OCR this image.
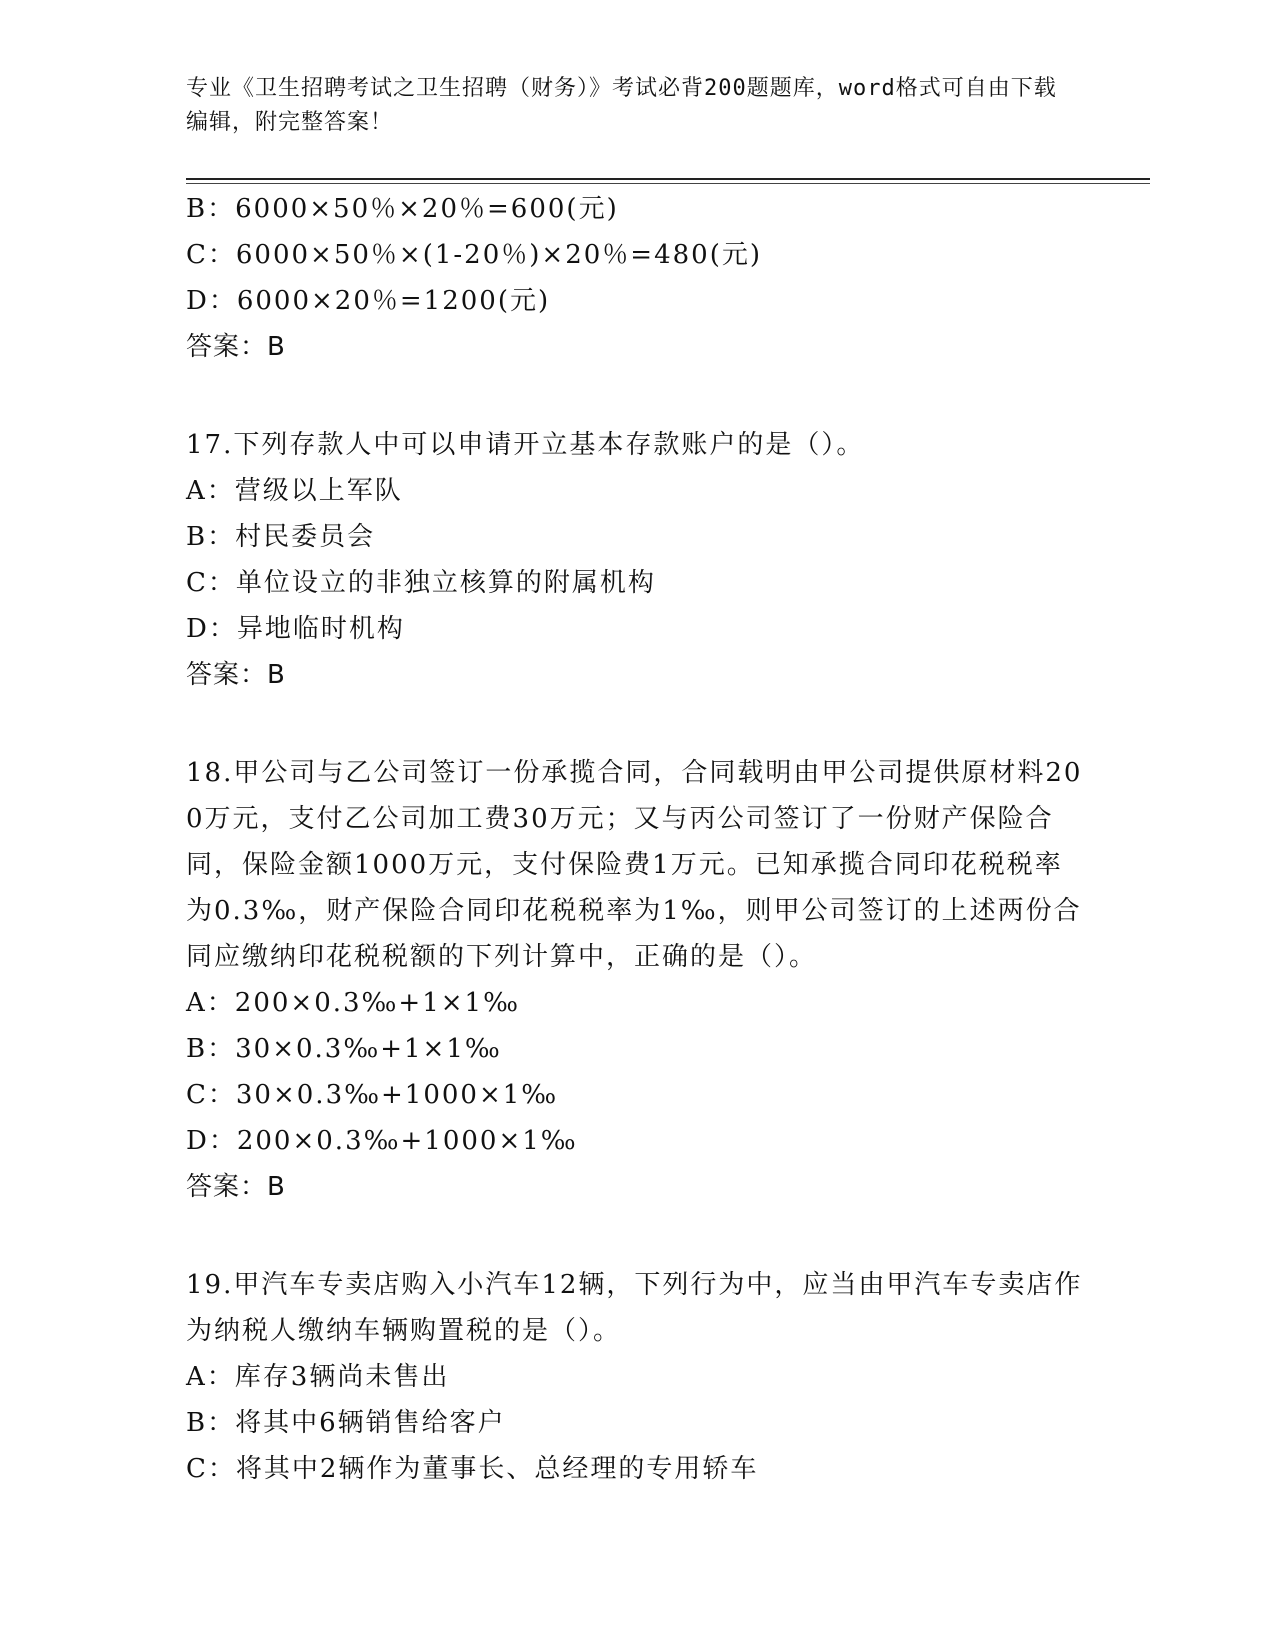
专业《卫生招聘考试之卫生招聘（财务）》考试必背200题题库，word格式可自由下载编辑，附完整答案！
B：6000×50％×20％=600(元)
C：6000×50％×(1-20％)×20％=480(元)
D：6000×20％=1200(元)
答案：B
17.下列存款人中可以申请开立基本存款账户的是（）。
A：营级以上军队
B：村民委员会
C：单位设立的非独立核算的附属机构
D：异地临时机构
答案：B
18.甲公司与乙公司签订一份承揽合同，合同载明由甲公司提供原材料200万元，支付乙公司加工费30万元；又与丙公司签订了一份财产保险合同，保险金额1000万元，支付保险费1万元。已知承揽合同印花税税率为0.3‰，财产保险合同印花税税率为1‰，则甲公司签订的上述两份合同应缴纳印花税税额的下列计算中，正确的是（）。
A：200×0.3‰+1×1‰
B：30×0.3‰+1×1‰
C：30×0.3‰+1000×1‰
D：200×0.3‰+1000×1‰
答案：B
19.甲汽车专卖店购入小汽车12辆，下列行为中，应当由甲汽车专卖店作为纳税人缴纳车辆购置税的是（）。
A：库存3辆尚未售出
B：将其中6辆销售给客户
C：将其中2辆作为董事长、总经理的专用轿车
